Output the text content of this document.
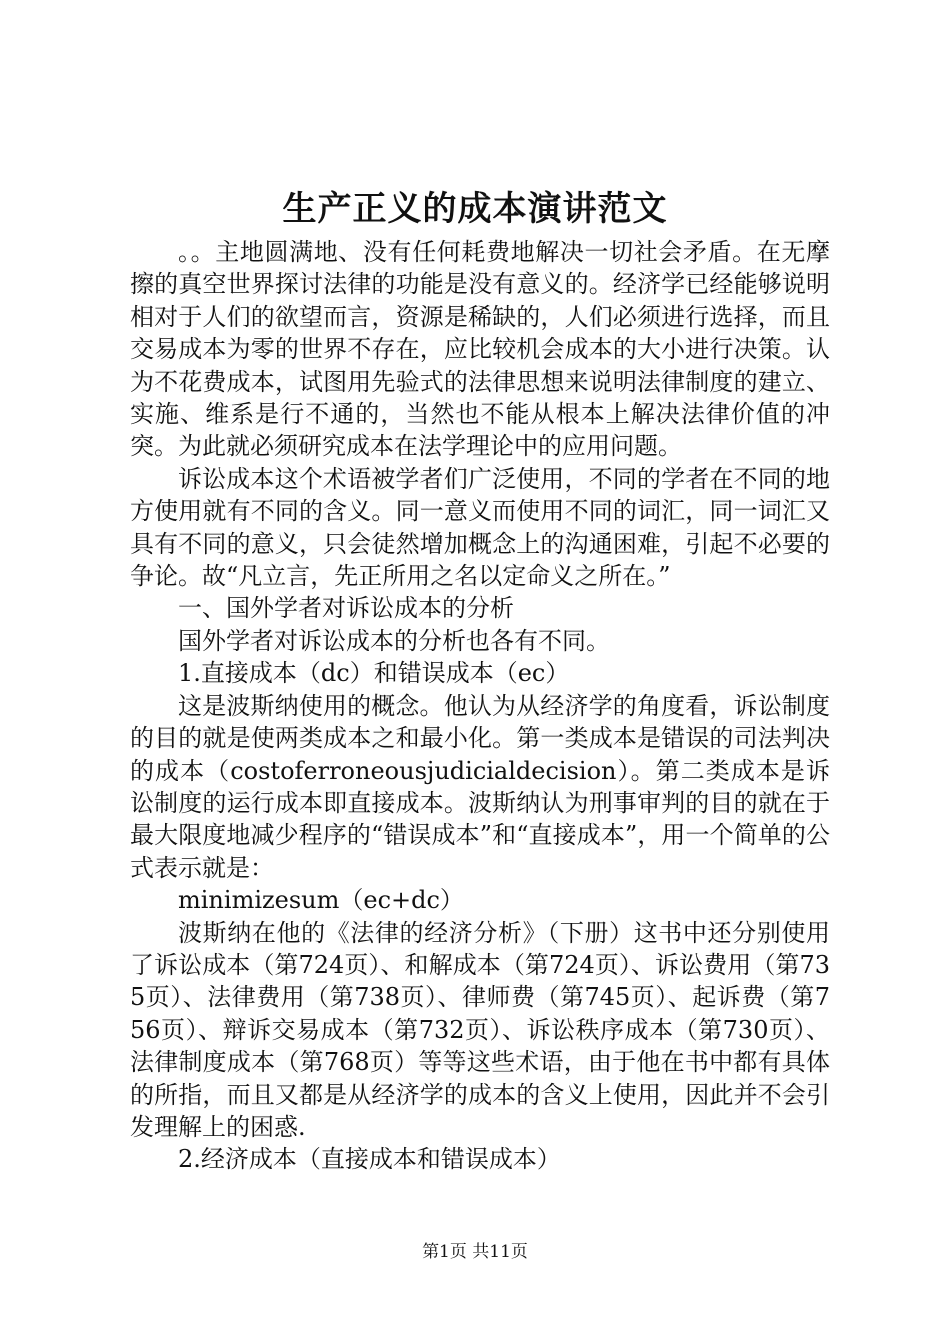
生产正义的成本演讲范文

。。主地圆满地、没有任何耗费地解决一切社会矛盾。在无摩擦的真空世界探讨法律的功能是没有意义的。经济学已经能够说明相对于人们的欲望而言，资源是稀缺的，人们必须进行选择，而且交易成本为零的世界不存在，应比较机会成本的大小进行决策。认为不花费成本，试图用先验式的法律思想来说明法律制度的建立、实施、维系是行不通的，当然也不能从根本上解决法律价值的冲突。为此就必须研究成本在法学理论中的应用问题。

诉讼成本这个术语被学者们广泛使用，不同的学者在不同的地方使用就有不同的含义。同一意义而使用不同的词汇，同一词汇又具有不同的意义，只会徒然增加概念上的沟通困难，引起不必要的争论。故“凡立言，先正所用之名以定命义之所在。”

一、国外学者对诉讼成本的分析

国外学者对诉讼成本的分析也各有不同。

1.直接成本（dc）和错误成本（ec）

这是波斯纳使用的概念。他认为从经济学的角度看，诉讼制度的目的就是使两类成本之和最小化。第一类成本是错误的司法判决的成本（costoferroneousjudicialdecision）。第二类成本是诉讼制度的运行成本即直接成本。波斯纳认为刑事审判的目的就在于最大限度地减少程序的“错误成本”和“直接成本”，用一个简单的公式表示就是：

minimizesum（ec+dc）

波斯纳在他的《法律的经济分析》（下册）这书中还分别使用了诉讼成本（第724页）、和解成本（第724页）、诉讼费用（第735页）、法律费用（第738页）、律师费（第745页）、起诉费（第756页）、辩诉交易成本（第732页）、诉讼秩序成本（第730页）、法律制度成本（第768页）等等这些术语，由于他在书中都有具体的所指，而且又都是从经济学的成本的含义上使用，因此并不会引发理解上的困惑.

2.经济成本（直接成本和错误成本）

第1页 共11页
